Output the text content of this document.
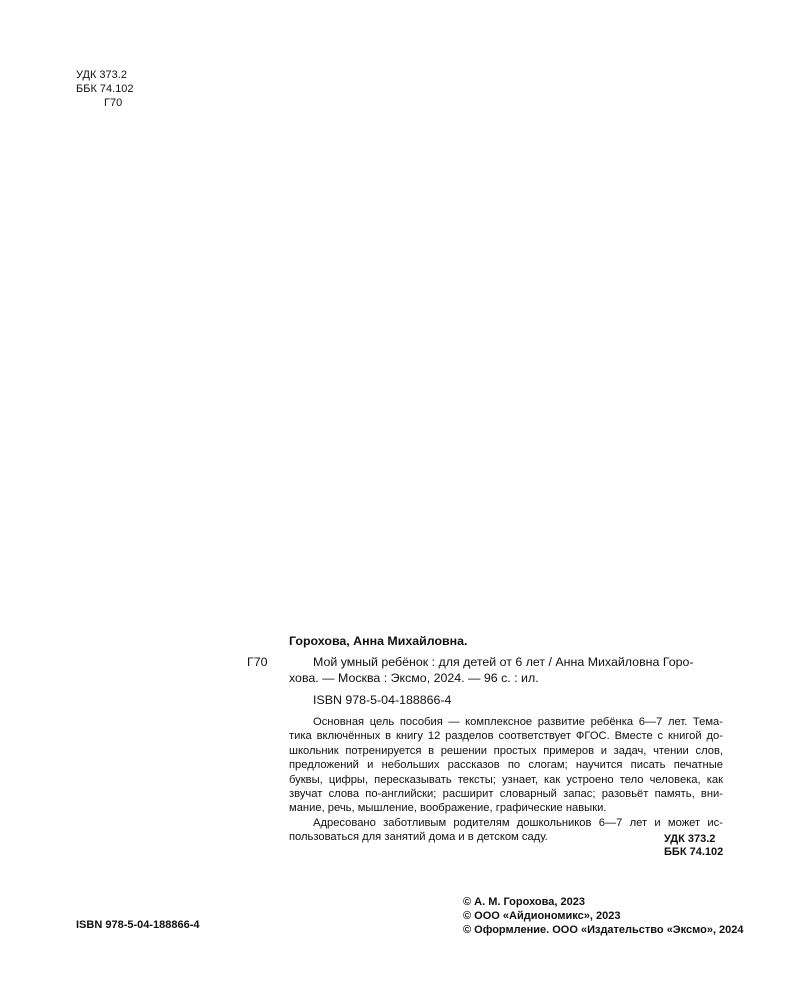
УДК 373.2
ББК 74.102
Г70
Горохова, Анна Михайловна.
Г70	Мой умный ребёнок : для детей от 6 лет / Анна Михайловна Горо-
хова. — Москва : Эксмо, 2024. — 96 с. : ил.
ISBN 978-5-04-188866-4
Основная цель пособия — комплексное развитие ребёнка 6—7 лет. Тема-
тика включённых в книгу 12 разделов соответствует ФГОС. Вместе с книгой до-
школьник потренируется в решении простых примеров и задач, чтении слов,
предложений и небольших рассказов по слогам; научится писать печатные
буквы, цифры, пересказывать тексты; узнает, как устроено тело человека, как
звучат слова по-английски; расширит словарный запас; разовьёт память, вни-
мание, речь, мышление, воображение, графические навыки.
Адресовано заботливым родителям дошкольников 6—7 лет и может ис-
пользоваться для занятий дома и в детском саду.	УДК 373.2
ББК 74.102
ISBN 978-5-04-188866-4
© А. М. Горохова, 2023
© ООО «Айдиономикс», 2023
© Оформление. ООО «Издательство «Эксмо», 2024
